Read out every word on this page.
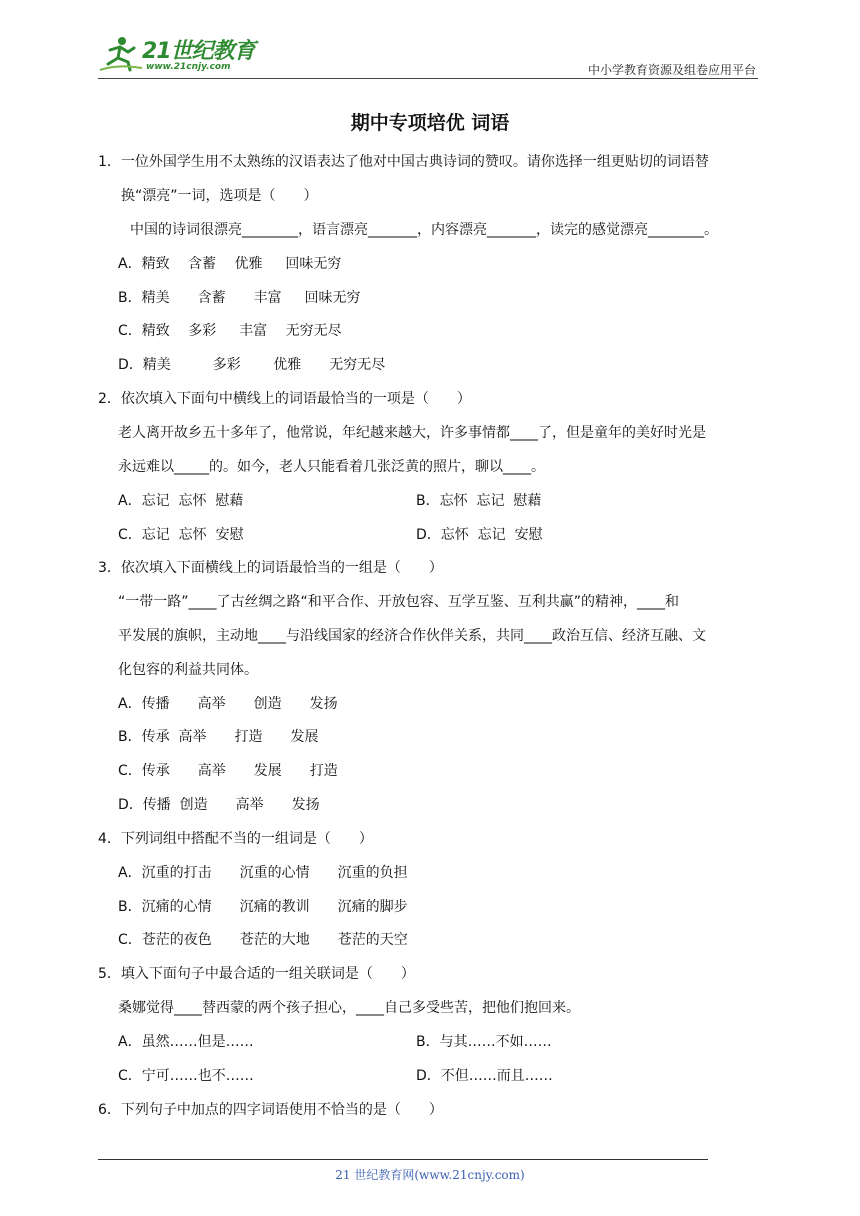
21世纪教育
www.21cnjy.com	中小学教育资源及组卷应用平台
期中专项培优 词语
1．一位外国学生用不太熟练的汉语表达了他对中国古典诗词的赞叹。请你选择一组更贴切的词语替
换“漂亮”一词，选项是（　　）
中国的诗词很漂亮________，语言漂亮_______，内容漂亮_______，读完的感觉漂亮________。
A．精致　 含蓄　 优雅　  回味无穷
B．精美　　含蓄　　丰富　  回味无穷
C．精致　 多彩　  丰富　 无穷无尽
D．精美　　　多彩　　 优雅　　无穷无尽
2．依次填入下面句中横线上的词语最恰当的一项是（　　）
老人离开故乡五十多年了，他常说，年纪越来越大，许多事情都____了，但是童年的美好时光是
永远难以_____的。如今，老人只能看着几张泛黄的照片，聊以____。
A．忘记  忘怀  慰藉	B．忘怀  忘记  慰藉
C．忘记  忘怀  安慰	D．忘怀  忘记  安慰
3．依次填入下面横线上的词语最恰当的一组是（　　）
“一带一路”____了古丝绸之路“和平合作、开放包容、互学互鉴、互利共赢”的精神，____和
平发展的旗帜，主动地____与沿线国家的经济合作伙伴关系，共同____政治互信、经济互融、文
化包容的利益共同体。
A．传播　　高举　　创造　　发扬
B．传承  高举　　打造　　发展
C．传承　　高举　　发展　　打造
D．传播  创造　　高举　　发扬
4．下列词组中搭配不当的一组词是（　　）
A．沉重的打击　　沉重的心情　　沉重的负担
B．沉痛的心情　　沉痛的教训　　沉痛的脚步
C．苍茫的夜色　　苍茫的大地　　苍茫的天空
5．填入下面句子中最合适的一组关联词是（　　）
桑娜觉得____替西蒙的两个孩子担心，____自己多受些苦，把他们抱回来。
A．虽然……但是……	B．与其……不如……
C．宁可……也不……	D．不但……而且……
6．下列句子中加点的四字词语使用不恰当的是（　　）
21 世纪教育网(www.21cnjy.com)
